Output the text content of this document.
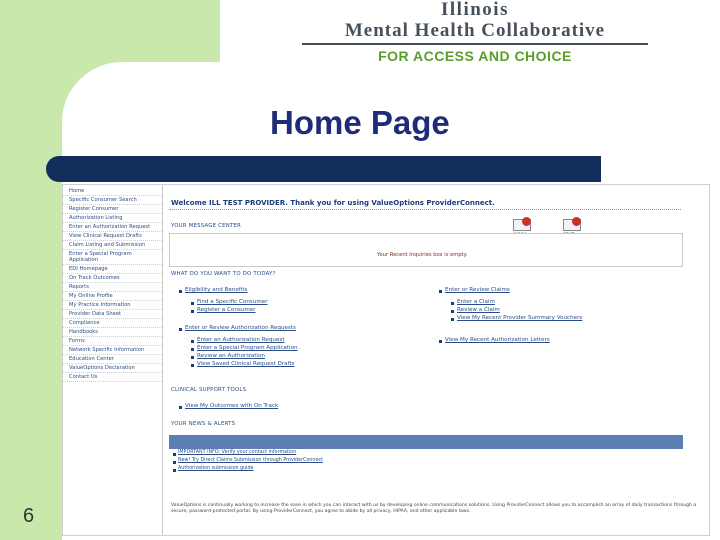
Illinois
Mental Health Collaborative
FOR ACCESS AND CHOICE
Home Page
6
Home
Specific Consumer Search
Register Consumer
Authorization Listing
Enter an Authorization Request
View Clinical Request Drafts
Claim Listing and Submission
Enter a Special Program Application
EDI Homepage
On Track Outcomes
Reports
My Online Profile
My Practice Information
Provider Data Sheet
Compliance
Handbooks
Forms
Network Specific Information
Education Center
ValueOptions Declaration
Contact Us
Welcome ILL TEST PROVIDER. Thank you for using ValueOptions ProviderConnect.
YOUR MESSAGE CENTER
Your Recent Inquiries box is empty.
WHAT DO YOU WANT TO DO TODAY?
Eligibility and Benefits
Find a Specific Consumer
Register a Consumer
Enter or Review Claims
Enter a Claim
Review a Claim
View My Recent Provider Summary Vouchers
Enter or Review Authorization Requests
Enter an Authorization Request
Enter a Special Program Application
Review an Authorization
View Saved Clinical Request Drafts
View My Recent Authorization Letters
CLINICAL SUPPORT TOOLS
View My Outcomes with On Track
YOUR NEWS & ALERTS
IMPORTANT INFO: Verify your contact information
New! Try Direct Claims Submission through ProviderConnect
Authorization submission guide
ValueOptions is continually working to increase the ease in which you can interact with us by developing online communications solutions. Using ProviderConnect allows you to accomplish an array of daily transactions through a secure, password-protected portal. By using ProviderConnect, you agree to abide by all privacy, HIPAA, and other applicable laws.
